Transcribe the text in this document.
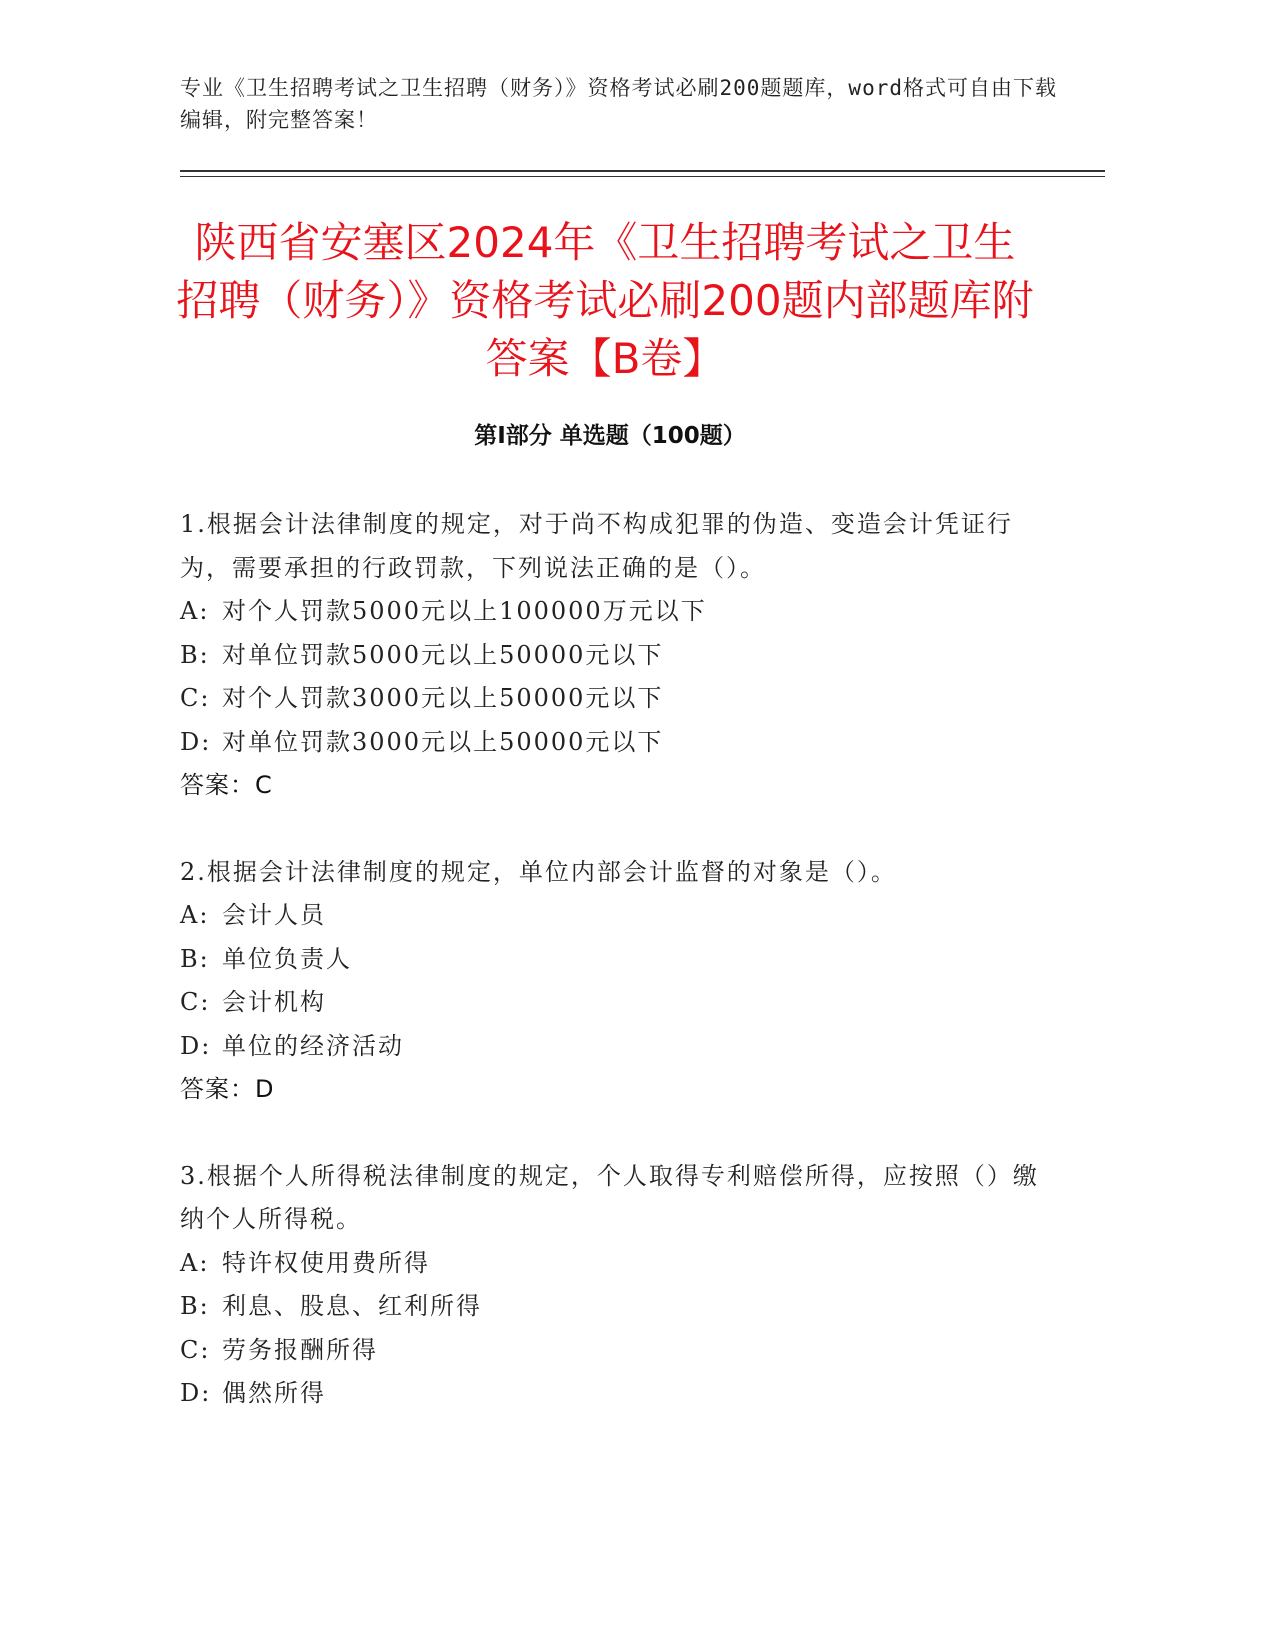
专业《卫生招聘考试之卫生招聘（财务）》资格考试必刷200题题库，word格式可自由下载编辑，附完整答案！
陕西省安塞区2024年《卫生招聘考试之卫生招聘（财务）》资格考试必刷200题内部题库附答案【B卷】
第Ⅰ部分 单选题（100题）

1.根据会计法律制度的规定，对于尚不构成犯罪的伪造、变造会计凭证行为，需要承担的行政罚款，下列说法正确的是（）。

A: 对个人罚款5000元以上100000万元以下

B: 对单位罚款5000元以上50000元以下

C: 对个人罚款3000元以上50000元以下

D: 对单位罚款3000元以上50000元以下

答案：C

2.根据会计法律制度的规定，单位内部会计监督的对象是（）。

A: 会计人员

B: 单位负责人

C: 会计机构

D: 单位的经济活动

答案：D

3.根据个人所得税法律制度的规定，个人取得专利赔偿所得，应按照（）缴纳个人所得税。

A: 特许权使用费所得

B: 利息、股息、红利所得

C: 劳务报酬所得

D: 偶然所得
